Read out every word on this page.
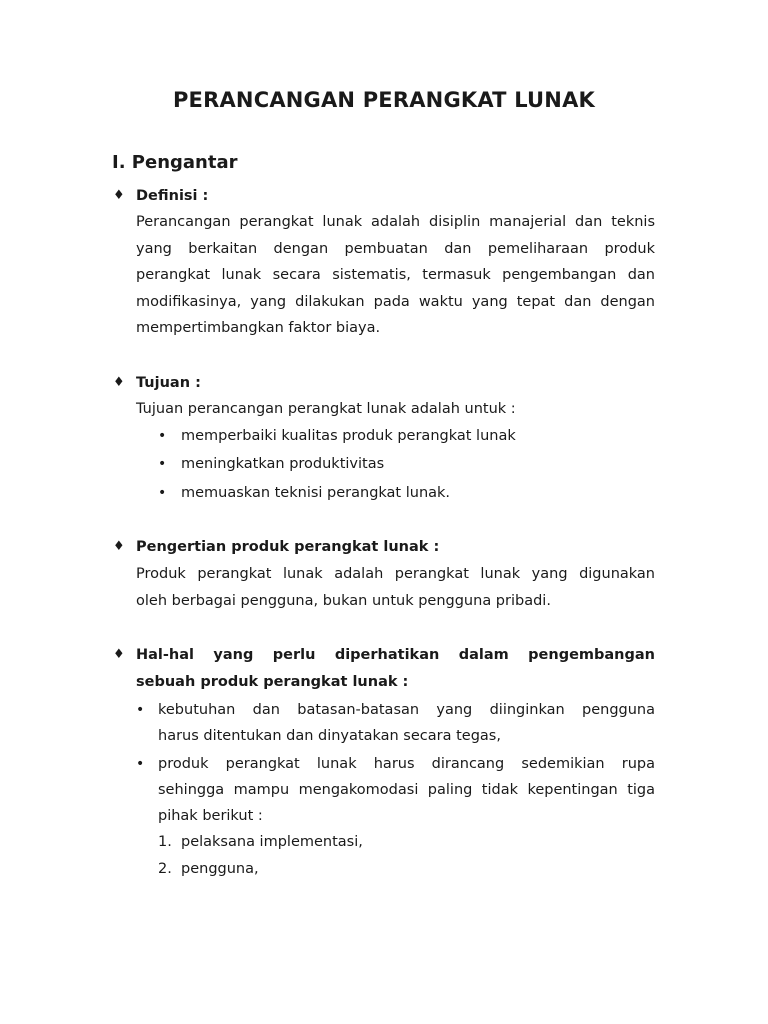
PERANCANGAN PERANGKAT LUNAK
I. Pengantar
♦ Definisi :
Perancangan perangkat lunak adalah disiplin manajerial dan teknis
yang berkaitan dengan pembuatan dan pemeliharaan produk
perangkat lunak secara sistematis, termasuk pengembangan dan
modifikasinya, yang dilakukan pada waktu yang tepat dan dengan
mempertimbangkan faktor biaya.
♦ Tujuan :
Tujuan perancangan perangkat lunak adalah untuk :
• memperbaiki kualitas produk perangkat lunak
• meningkatkan produktivitas
• memuaskan teknisi perangkat lunak.
♦ Pengertian produk perangkat lunak :
Produk perangkat lunak adalah perangkat lunak yang digunakan
oleh berbagai pengguna, bukan untuk pengguna pribadi.
♦ Hal-hal yang perlu diperhatikan dalam pengembangan
sebuah produk perangkat lunak :
• kebutuhan dan batasan-batasan yang diinginkan pengguna
harus ditentukan dan dinyatakan secara tegas,
• produk perangkat lunak harus dirancang sedemikian rupa
sehingga mampu mengakomodasi paling tidak kepentingan tiga
pihak berikut :
1. pelaksana implementasi,
2. pengguna,
